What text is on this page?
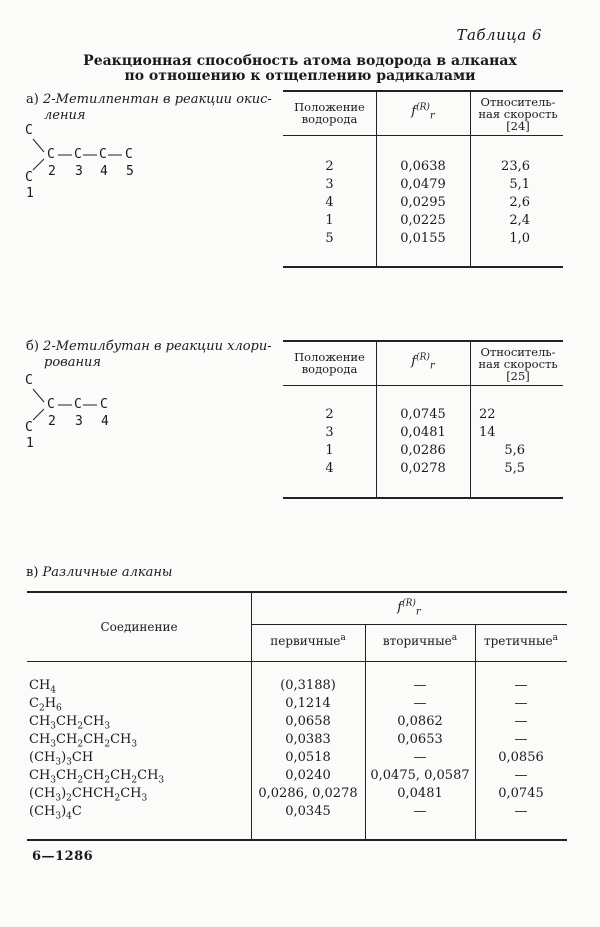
Таблица 6
Реакционная способность атома водорода в алканах
по отношению к отщеплению радикалами
а) 2-Метилпентан в реакции окис-
ления
C
C C C C
C 2 3 4 5
1
Положение
водорода	$f^{(R)}_r$
Относитель-
ная скорость
[24]
2	0,0638	23,6
3	0,0479	5,1
4	0,0295	2,6
1	0,0225	2,4
5	0,0155	1,0
б) 2-Метилбутан в реакции хлори-
рования
C
C C C
C 2 3 4
1
Положение
водорода	$f^{(R)}_r$
Относитель-
ная скорость
[25]
2	0,0745	22
3	0,0481	14
1	0,0286	5,6
4	0,0278	5,5
в) Различные алканы
Соединение
$f^{(R)}_r$
первичные$^a$	вторичные$^a$	третичные$^a$
$CH_4$	(0,3188)	—	—
$C_2H_6$	0,1214	—	—
$CH_3CH_2CH_3$	0,0658	0,0862	—
$CH_3CH_2CH_2CH_3$	0,0383	0,0653	—
$(CH_3)_3CH$	0,0518	—	0,0856
$CH_3CH_2CH_2CH_2CH_3$	0,0240	0,0475, 0,0587	—
$(CH_3)_2CHCH_2CH_3$	0,0286, 0,0278	0,0481	0,0745
$(CH_3)_4C$	0,0345	—	—
6—1286
